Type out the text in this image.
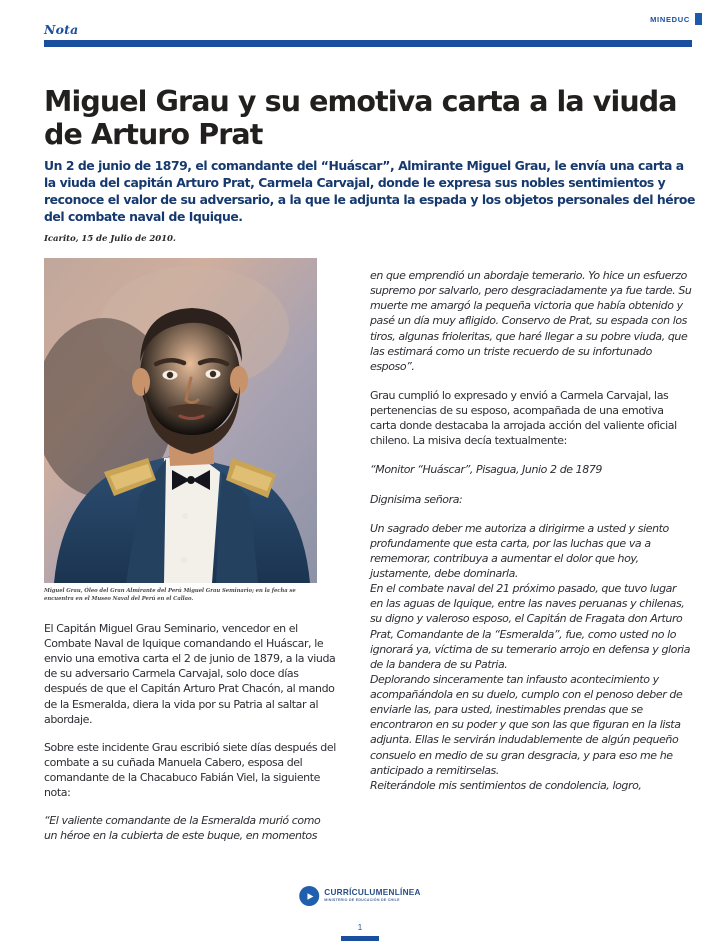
Nota
MINEDUC
Miguel Grau y su emotiva carta a la viuda de Arturo Prat
Un 2 de junio de 1879, el comandante del “Huáscar”, Almirante Miguel Grau, le envía una carta a la viuda del capitán Arturo Prat, Carmela Carvajal, donde le expresa sus nobles sentimientos y reconoce el valor de su adversario, a la que le adjunta la espada y los objetos personales del héroe del combate naval de Iquique.
Icarito, 15 de Julio de 2010.
Miguel Grau, Óleo del Gran Almirante del Perú Miguel Grau Seminario; en la fecha se encuentra en el Museo Naval del Perú en el Callao.

El Capitán Miguel Grau Seminario, vencedor en el Combate Naval de Iquique comandando el Huáscar, le envio una emotiva carta el 2 de junio de 1879, a la viuda de su adversario Carmela Carvajal, solo doce días después de que el Capitán Arturo Prat Chacón, al mando de la Esmeralda, diera la vida por su Patria al saltar al abordaje.

Sobre este incidente Grau escribió siete días después del combate a su cuñada Manuela Cabero, esposa del comandante de la Chacabuco Fabián Viel, la siguiente nota:

“El valiente comandante de la Esmeralda murió como un héroe en la cubierta de este buque, en momentos

en que emprendió un abordaje temerario. Yo hice un esfuerzo supremo por salvarlo, pero desgraciadamente ya fue tarde. Su muerte me amargó la pequeña victoria que había obtenido y pasé un día muy afligido. Conservo de Prat, su espada con los tiros, algunas frioleritas, que haré llegar a su pobre viuda, que las estimará como un triste recuerdo de su infortunado esposo”.

Grau cumplió lo expresado y envió a Carmela Carvajal, las pertenencias de su esposo, acompañada de una emotiva carta donde destacaba la arrojada acción del valiente oficial chileno. La misiva decía textualmente:

“Monitor “Huáscar”, Pisagua, Junio 2 de 1879

Dignisima señora:

Un sagrado deber me autoriza a dirigirme a usted y siento profundamente que esta carta, por las luchas que va a rememorar, contribuya a aumentar el dolor que hoy, justamente, debe dominarla.

En el combate naval del 21 próximo pasado, que tuvo lugar en las aguas de Iquique, entre las naves peruanas y chilenas, su digno y valeroso esposo, el Capitán de Fragata don Arturo Prat, Comandante de la “Esmeralda”, fue, como usted no lo ignorará ya, víctima de su temerario arrojo en defensa y gloria de la bandera de su Patria.

Deplorando sinceramente tan infausto acontecimiento y acompañándola en su duelo, cumplo con el penoso deber de enviarle las, para usted, inestimables prendas que se encontraron en su poder y que son las que figuran en la lista adjunta. Ellas le servirán indudablemente de algún pequeño consuelo en medio de su gran desgracia, y para eso me he anticipado a remitirselas.

Reiterándole mis sentimientos de condolencia, logro,

CURRÍCULUMENLÍNEA
MINISTERIO DE EDUCACIÓN DE CHILE
1
